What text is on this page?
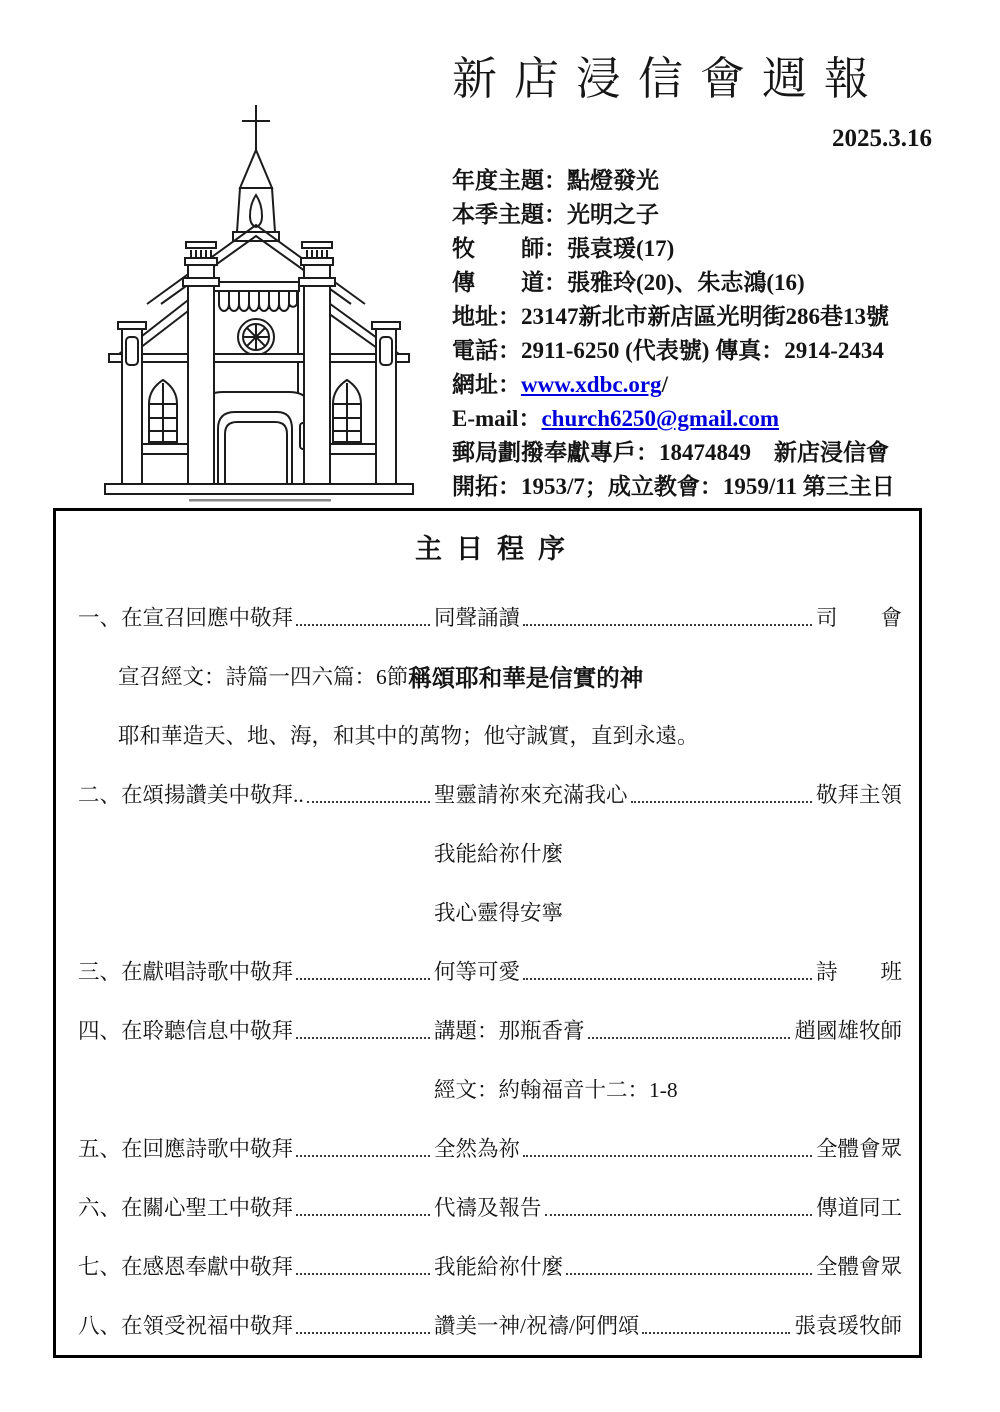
新店浸信會週報
2025.3.16
年度主題：點燈發光
本季主題：光明之子
牧　　師：張袁瑗(17)
傳　　道：張雅玲(20)、朱志鴻(16)
地址：23147新北市新店區光明街286巷13號
電話：2911-6250 (代表號) 傳真：2914-2434
網址：www.xdbc.org/
E-mail：church6250@gmail.com
郵局劃撥奉獻專戶：18474849　新店浸信會
開拓：1953/7；成立教會：1959/11 第三主日
主日程序
一、在宣召回應中敬拜	同聲誦讀	司　　會
宣召經文：詩篇一四六篇：6節 稱頌耶和華是信實的神
耶和華造天、地、海，和其中的萬物；他守誠實，直到永遠。
二、在頌揚讚美中敬拜..	聖靈請祢來充滿我心	敬拜主領
我能給祢什麼
我心靈得安寧
三、在獻唱詩歌中敬拜	何等可愛	詩　　班
四、在聆聽信息中敬拜	講題：那瓶香膏	趙國雄牧師
經文：約翰福音十二：1-8
五、在回應詩歌中敬拜	全然為祢	全體會眾
六、在關心聖工中敬拜	代禱及報告	傳道同工
七、在感恩奉獻中敬拜	我能給祢什麼	全體會眾
八、在領受祝福中敬拜	讚美一神/祝禱/阿們頌	張袁瑗牧師
